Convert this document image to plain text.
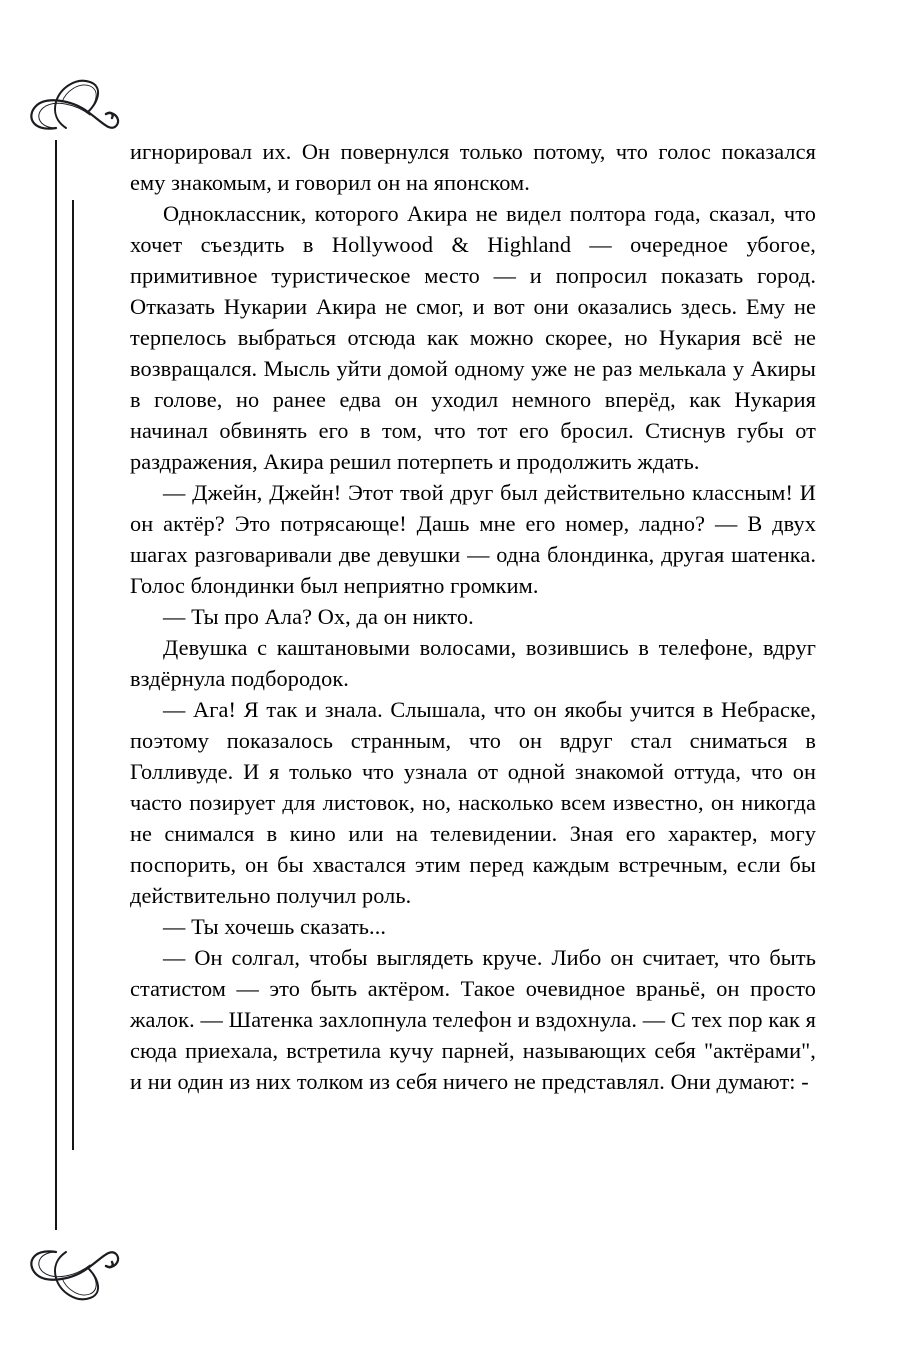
игнорировал их. Он повернулся только потому, что голос показался ему знакомым, и говорил он на японском.

Одноклассник, которого Акира не видел полтора года, сказал, что хочет съездить в Hollywood & Highland — очередное убогое, примитивное туристическое место — и попросил показать город. Отказать Нукарии Акира не смог, и вот они оказались здесь. Ему не терпелось выбраться отсюда как можно скорее, но Нукария всё не возвращался. Мысль уйти домой одному уже не раз мелькала у Акиры в голове, но ранее едва он уходил немного вперёд, как Нукария начинал обвинять его в том, что тот его бросил. Стиснув губы от раздражения, Акира решил потерпеть и продолжить ждать.

— Джейн, Джейн! Этот твой друг был действительно классным! И он актёр? Это потрясающе! Дашь мне его номер, ладно? — В двух шагах разговаривали две девушки — одна блондинка, другая шатенка. Голос блондинки был неприятно громким.

— Ты про Ала? Ох, да он никто.

Девушка с каштановыми волосами, возившись в телефоне, вдруг вздёрнула подбородок.

— Ага! Я так и знала. Слышала, что он якобы учится в Небраске, поэтому показалось странным, что он вдруг стал сниматься в Голливуде. И я только что узнала от одной знакомой оттуда, что он часто позирует для листовок, но, насколько всем известно, он никогда не снимался в кино или на телевидении. Зная его характер, могу поспорить, он бы хвастался этим перед каждым встречным, если бы действительно получил роль.

— Ты хочешь сказать...

— Он солгал, чтобы выглядеть круче. Либо он считает, что быть статистом — это быть актёром. Такое очевидное враньё, он просто жалок. — Шатенка захлопнула телефон и вздохнула. — С тех пор как я сюда приехала, встретила кучу парней, называющих себя "актёрами", и ни один из них толком из себя ничего не представлял. Они думают: -
